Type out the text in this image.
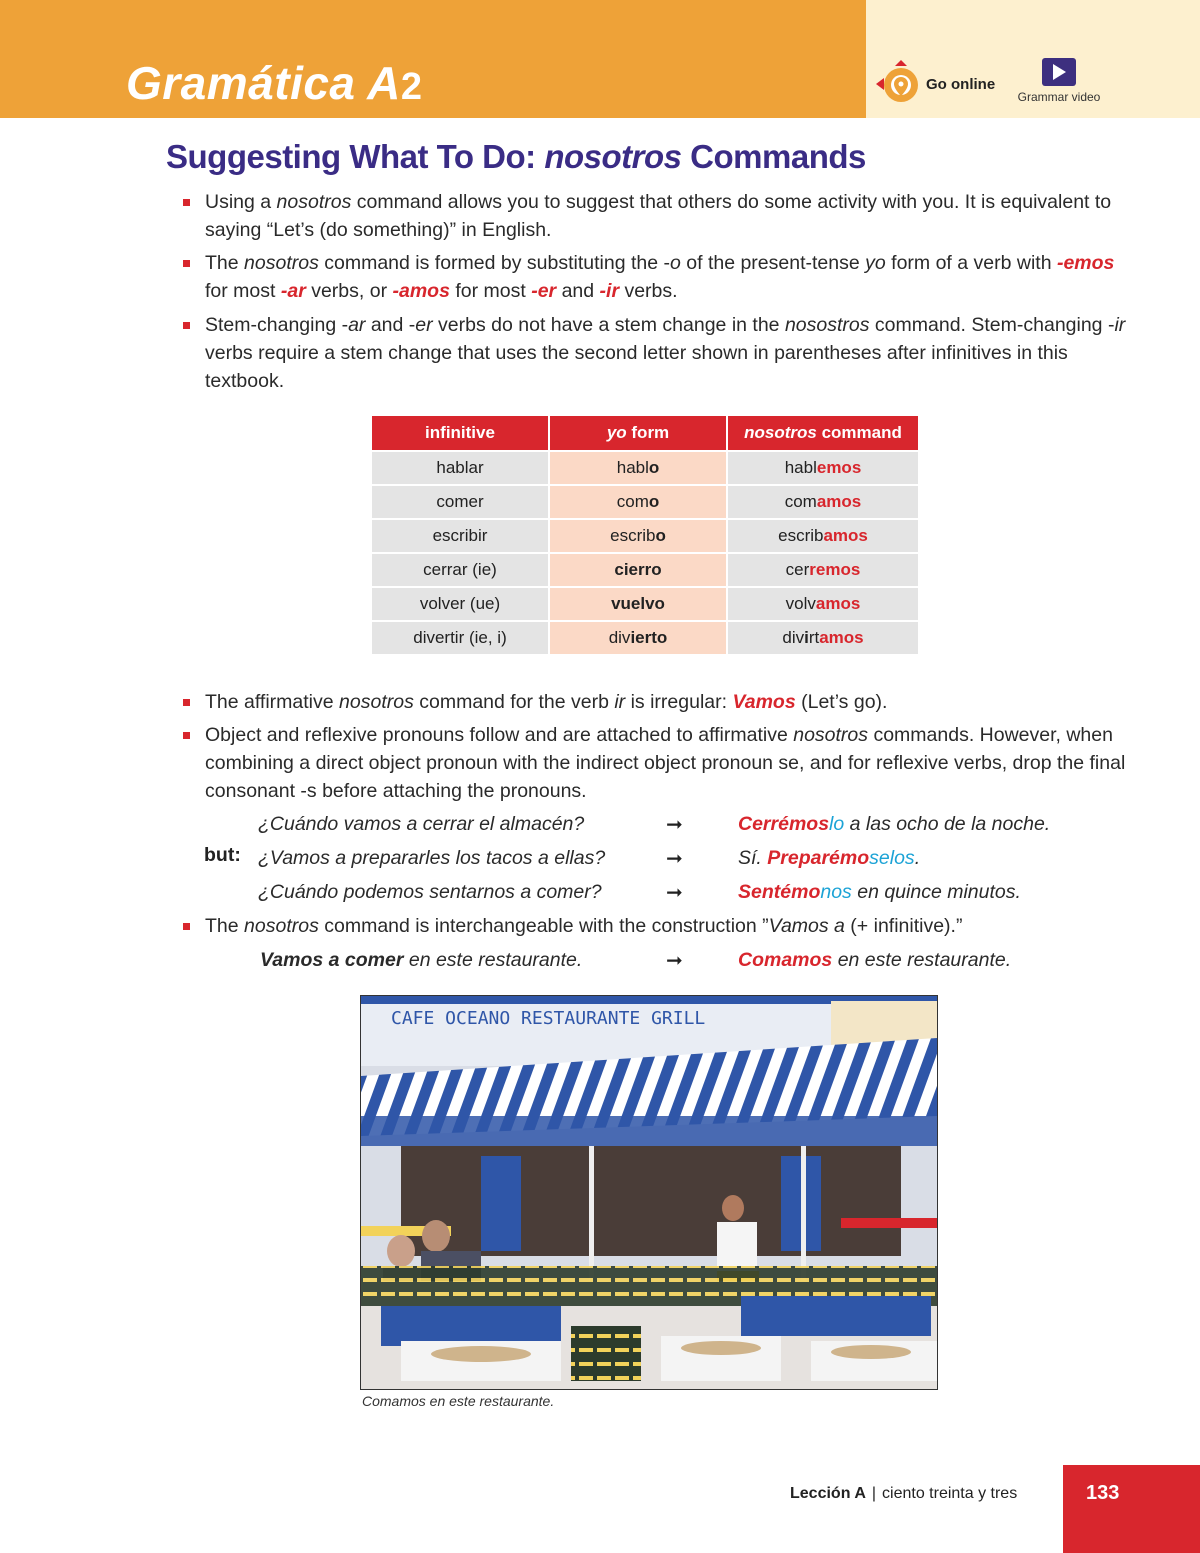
Gramática A2	Go online
Grammar video
Suggesting What To Do: nosotros Commands
Using a nosotros command allows you to suggest that others do some activity with you. It is equivalent to saying “Let’s (do something)” in English.
The nosotros command is formed by substituting the -o of the present-tense yo form of a verb with -emos for most -ar verbs, or -amos for most -er and -ir verbs.
Stem-changing -ar and -er verbs do not have a stem change in the nosostros command. Stem-changing -ir verbs require a stem change that uses the second letter shown in parentheses after infinitives in this textbook.
infinitive	yo form	nosotros command
hablar	hablo	hablemos
comer	como	comamos
escribir	escribo	escribamos
cerrar (ie)	cierro	cerremos
volver (ue)	vuelvo	volvamos
divertir (ie, i)	divierto	divirtamos
The affirmative nosotros command for the verb ir is irregular: Vamos (Let’s go).
Object and reflexive pronouns follow and are attached to affirmative nosotros commands. However, when combining a direct object pronoun with the indirect object pronoun se, and for reflexive verbs, drop the final consonant -s before attaching the pronouns.
¿Cuándo vamos a cerrar el almacén?	➞	Cerrémoslo a las ocho de la noche.
but: ¿Vamos a prepararles los tacos a ellas?	➞	Sí. Preparémoselos.
¿Cuándo podemos sentarnos a comer?	➞	Sentémonos en quince minutos.
The nosotros command is interchangeable with the construction ”Vamos a (+ infinitive).”
Vamos a comer en este restaurante.	➞	Comamos en este restaurante.
CAFE OCEANO RESTAURANTE GRILL
Comamos en este restaurante.
Lección A | ciento treinta y tres	133
